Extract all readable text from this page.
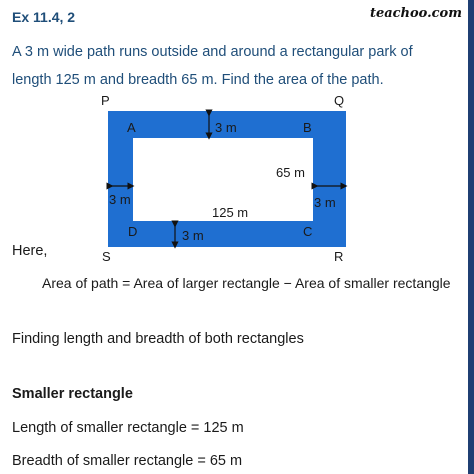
Ex 11.4, 2	teachoo.com
A 3 m wide path runs outside and around a rectangular park of
length 125 m and breadth 65 m. Find the area of the path.
P	Q
S	R
A	B
D	C
3 m
3 m
3 m	3 m
125 m
65 m
Here,
Area of path = Area of larger rectangle − Area of smaller rectangle
Finding length and breadth of both rectangles
Smaller rectangle
Length of smaller rectangle = 125 m
Breadth of smaller rectangle = 65 m
